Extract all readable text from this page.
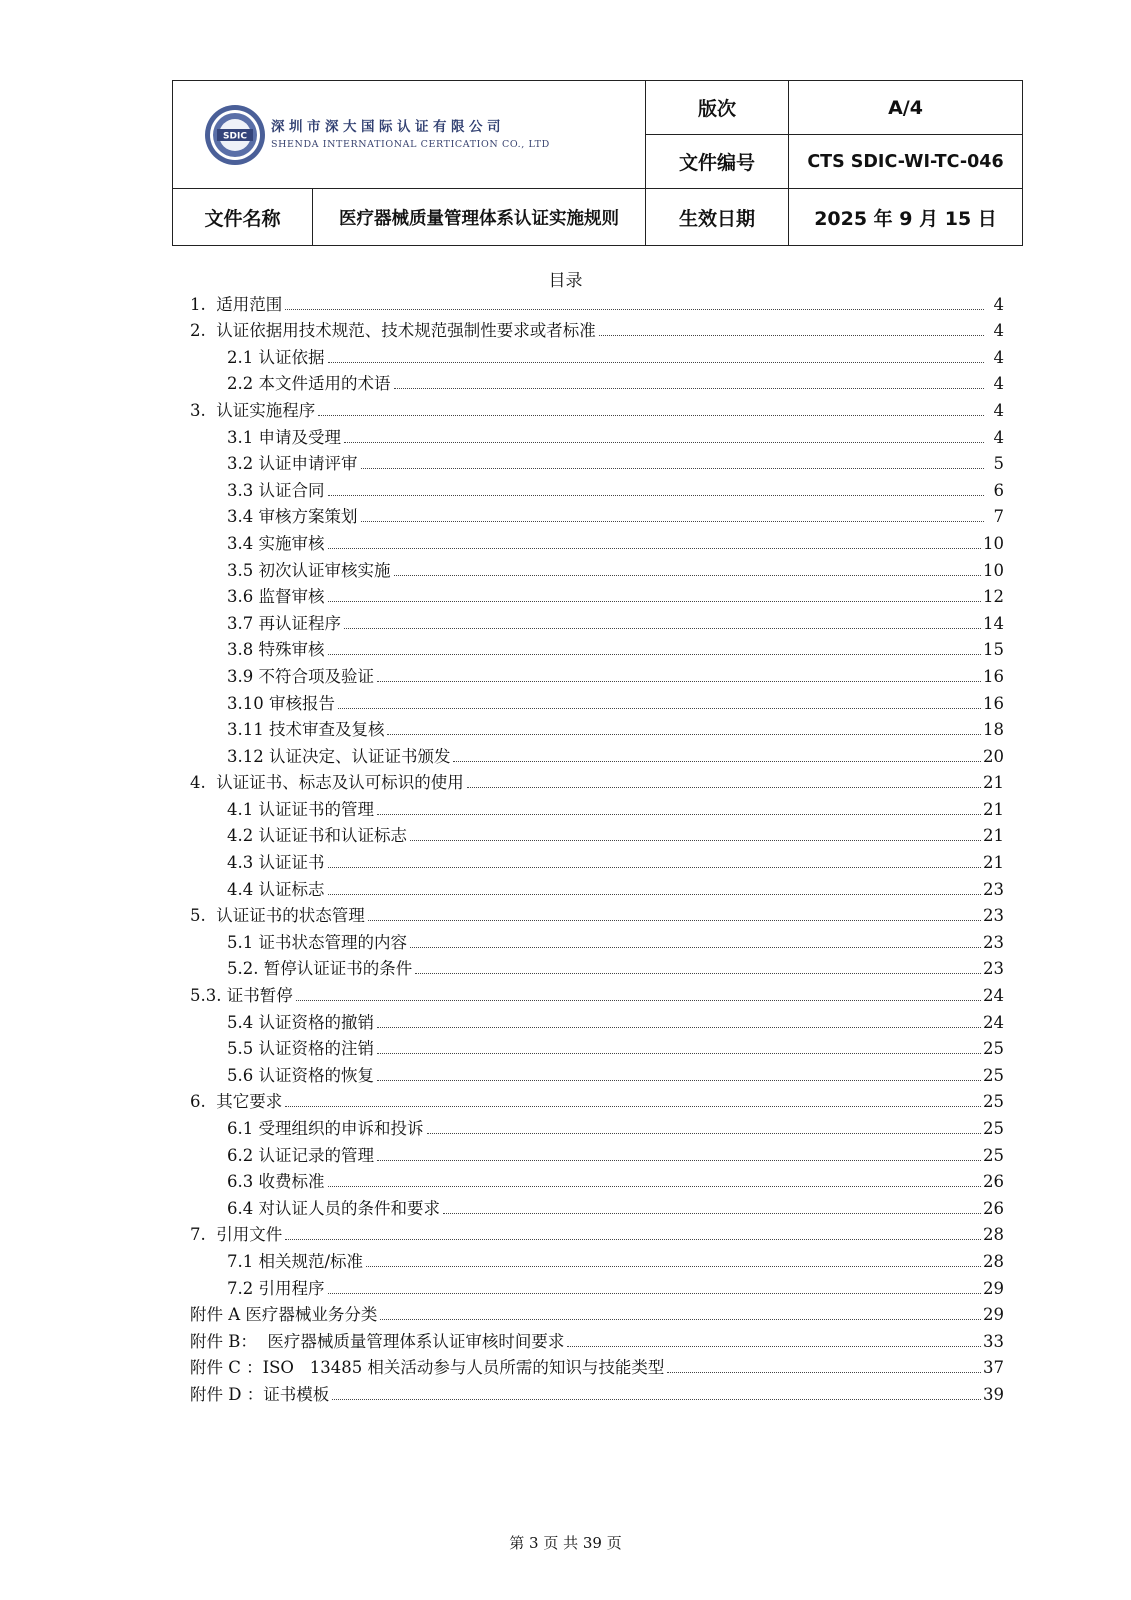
SDIC
深圳市深大国际认证有限公司
SHENDA INTERNATIONAL CERTICATION CO., LTD		版次	A/4
		文件编号	CTS SDIC-WI-TC-046
文件名称	医疗器械质量管理体系认证实施规则	生效日期	2025 年 9 月 15 日
目录
1.  适用范围	4
2.  认证依据用技术规范、技术规范强制性要求或者标准	4
2.1 认证依据	4
2.2 本文件适用的术语	4
3.  认证实施程序	4
3.1 申请及受理	4
3.2 认证申请评审	5
3.3 认证合同	6
3.4 审核方案策划	7
3.4 实施审核	10
3.5 初次认证审核实施	10
3.6 监督审核	12
3.7 再认证程序	14
3.8 特殊审核	15
3.9 不符合项及验证	16
3.10 审核报告	16
3.11 技术审查及复核	18
3.12 认证决定、认证证书颁发	20
4.  认证证书、标志及认可标识的使用	21
4.1 认证证书的管理	21
4.2 认证证书和认证标志	21
4.3 认证证书	21
4.4 认证标志	23
5.  认证证书的状态管理	23
5.1 证书状态管理的内容	23
5.2. 暂停认证证书的条件	23
5.3. 证书暂停	24
5.4 认证资格的撤销	24
5.5 认证资格的注销	25
5.6 认证资格的恢复	25
6.  其它要求	25
6.1 受理组织的申诉和投诉	25
6.2 认证记录的管理	25
6.3 收费标准	26
6.4 对认证人员的条件和要求	26
7.  引用文件	28
7.1 相关规范/标准	28
7.2 引用程序	29
附件 A 医疗器械业务分类	29
附件 B：  医疗器械质量管理体系认证审核时间要求	33
附件 C ：ISO   13485 相关活动参与人员所需的知识与技能类型	37
附件 D ：证书模板	39
第 3 页 共 39 页
